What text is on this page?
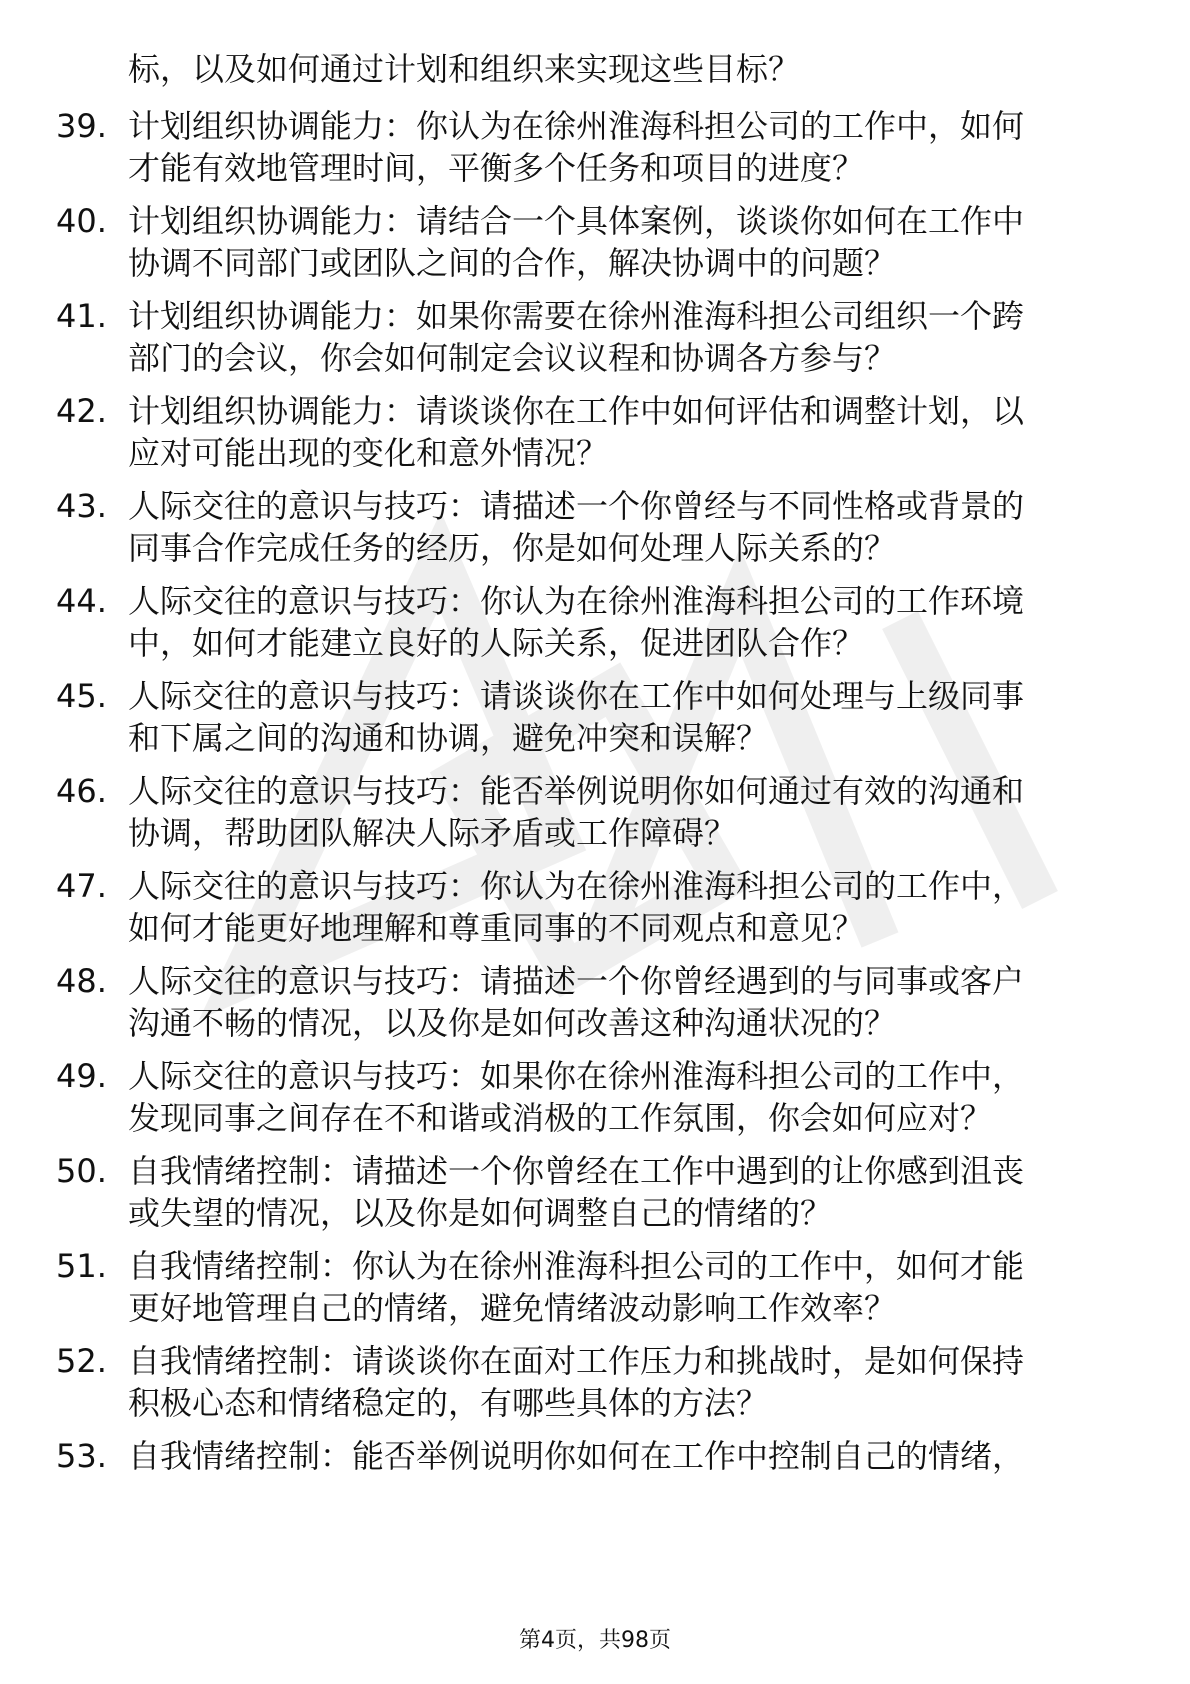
标，以及如何通过计划和组织来实现这些目标？
39. 计划组织协调能力：你认为在徐州淮海科担公司的工作中，如何
才能有效地管理时间，平衡多个任务和项目的进度？
40. 计划组织协调能力：请结合一个具体案例，谈谈你如何在工作中
协调不同部门或团队之间的合作，解决协调中的问题？
41. 计划组织协调能力：如果你需要在徐州淮海科担公司组织一个跨
部门的会议，你会如何制定会议议程和协调各方参与？
42. 计划组织协调能力：请谈谈你在工作中如何评估和调整计划，以
应对可能出现的变化和意外情况？
43. 人际交往的意识与技巧：请描述一个你曾经与不同性格或背景的
同事合作完成任务的经历，你是如何处理人际关系的？
44. 人际交往的意识与技巧：你认为在徐州淮海科担公司的工作环境
中，如何才能建立良好的人际关系，促进团队合作？
45. 人际交往的意识与技巧：请谈谈你在工作中如何处理与上级同事
和下属之间的沟通和协调，避免冲突和误解？
46. 人际交往的意识与技巧：能否举例说明你如何通过有效的沟通和
协调，帮助团队解决人际矛盾或工作障碍？
47. 人际交往的意识与技巧：你认为在徐州淮海科担公司的工作中，
如何才能更好地理解和尊重同事的不同观点和意见？
48. 人际交往的意识与技巧：请描述一个你曾经遇到的与同事或客户
沟通不畅的情况，以及你是如何改善这种沟通状况的？
49. 人际交往的意识与技巧：如果你在徐州淮海科担公司的工作中，
发现同事之间存在不和谐或消极的工作氛围，你会如何应对？
50. 自我情绪控制：请描述一个你曾经在工作中遇到的让你感到沮丧
或失望的情况，以及你是如何调整自己的情绪的？
51. 自我情绪控制：你认为在徐州淮海科担公司的工作中，如何才能
更好地管理自己的情绪，避免情绪波动影响工作效率？
52. 自我情绪控制：请谈谈你在面对工作压力和挑战时，是如何保持
积极心态和情绪稳定的，有哪些具体的方法？
53. 自我情绪控制：能否举例说明你如何在工作中控制自己的情绪，
第4页，共98页
